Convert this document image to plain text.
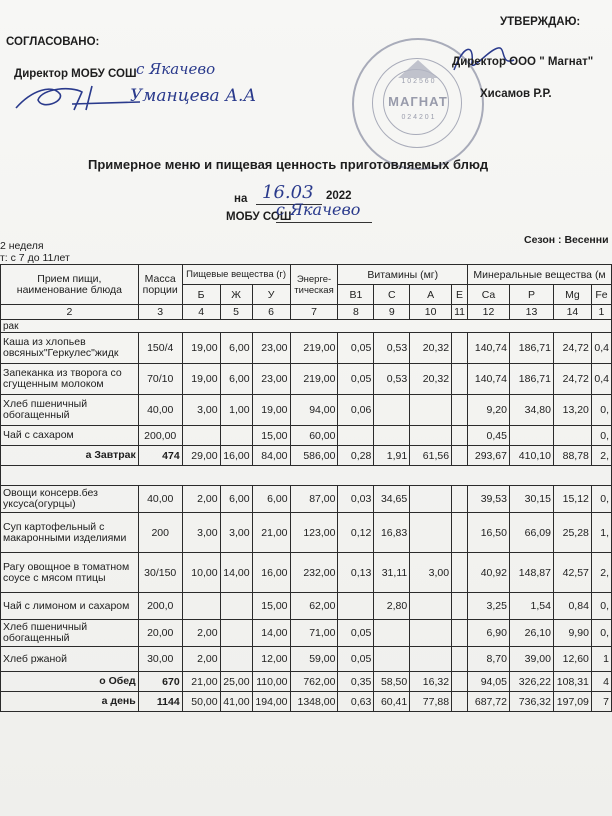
СОГЛАСОВАНО:
УТВЕРЖДАЮ:
Директор МОБУ СОШ с Якачево
Уманцева А.А
1 0 2 5 6 0
МАГНАТ
0 2 4 2 0 1
Директор ООО " Магнат"
Хисамов Р.Р.
Примерное меню и пищевая ценность приготовляемых блюд
на 16.03 2022
МОБУ СОШ
с Якачево
2 неделя
т: с 7 до 11лет
Сезон : Весенни
Прием пищи, наименование блюда	Масса порции	Пищевые вещества (г)			Энерге-тическая	Витамины (мг)				Минеральные вещества (м			
		Б	Ж	У		В1	С	А	Е	Са	Р	Mg	Fe
2	3	4	5	6	7	8	9	10	11	12	13	14	1
рак													
Каша из хлопьев овсяных"Геркулес"жидк	150/4	19,00	6,00	23,00	219,00	0,05	0,53	20,32		140,74	186,71	24,72	0,4
Запеканка из творога со сгущенным молоком	70/10	19,00	6,00	23,00	219,00	0,05	0,53	20,32		140,74	186,71	24,72	0,4
Хлеб пшеничный обогащенный	40,00	3,00	1,00	19,00	94,00	0,06				9,20	34,80	13,20	0,
Чай с сахаром	200,00			15,00	60,00					0,45			0,
а Завтрак	474	29,00	16,00	84,00	586,00	0,28	1,91	61,56		293,67	410,10	88,78	2,

Овощи консерв.без уксуса(огурцы)	40,00	2,00	6,00	6,00	87,00	0,03	34,65			39,53	30,15	15,12	0,
Суп картофельный с макаронными изделиями	200	3,00	3,00	21,00	123,00	0,12	16,83			16,50	66,09	25,28	1,
Рагу овощное в томатном соусе с мясом птицы	30/150	10,00	14,00	16,00	232,00	0,13	31,11	3,00		40,92	148,87	42,57	2,
Чай с лимоном и сахаром	200,0			15,00	62,00		2,80			3,25	1,54	0,84	0,
Хлеб пшеничный обогащенный	20,00	2,00		14,00	71,00	0,05				6,90	26,10	9,90	0,
Хлеб ржаной	30,00	2,00		12,00	59,00	0,05				8,70	39,00	12,60	1
о Обед	670	21,00	25,00	110,00	762,00	0,35	58,50	16,32		94,05	326,22	108,31	4
а день	1144	50,00	41,00	194,00	1348,00	0,63	60,41	77,88		687,72	736,32	197,09	7
